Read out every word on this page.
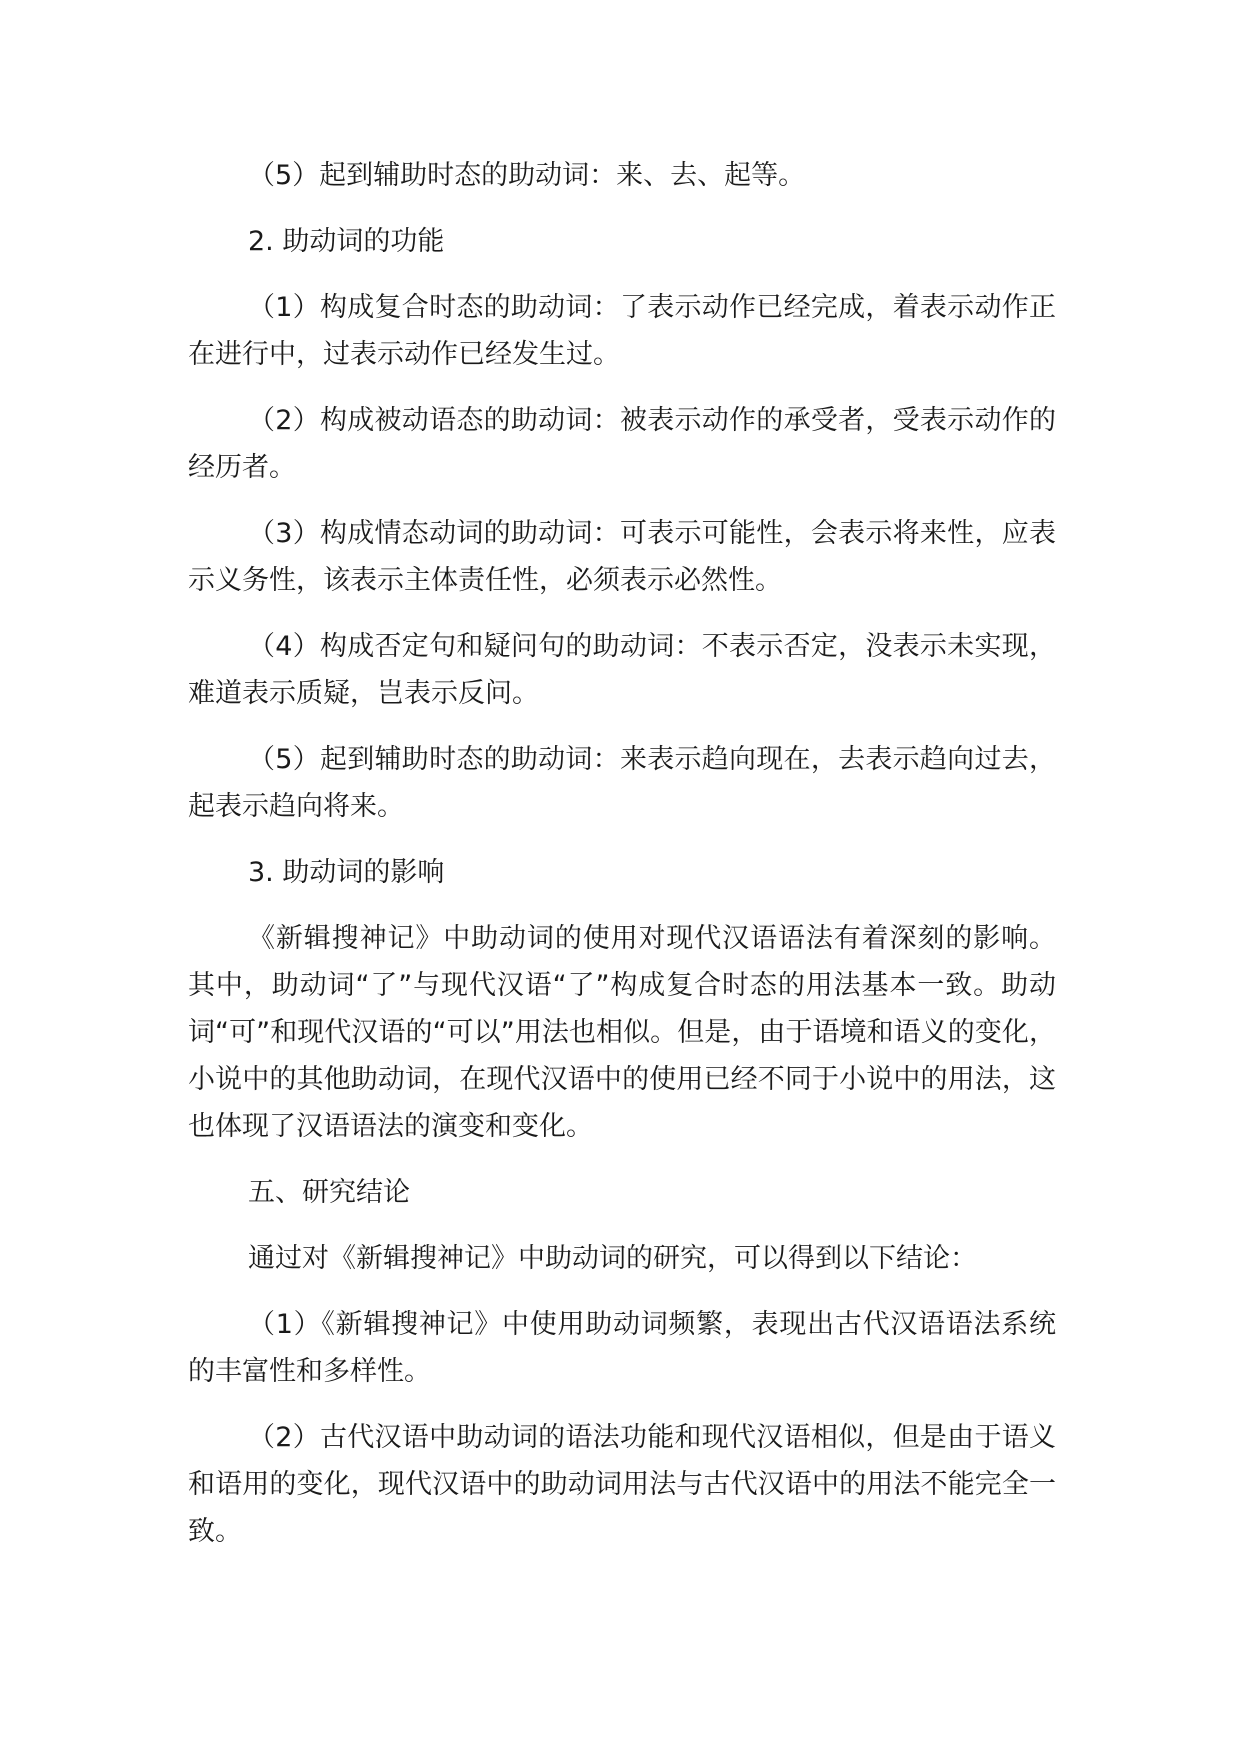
（5）起到辅助时态的助动词：来、去、起等。

2. 助动词的功能

（1）构成复合时态的助动词：了表示动作已经完成，着表示动作正在进行中，过表示动作已经发生过。

（2）构成被动语态的助动词：被表示动作的承受者，受表示动作的经历者。

（3）构成情态动词的助动词：可表示可能性，会表示将来性，应表示义务性，该表示主体责任性，必须表示必然性。

（4）构成否定句和疑问句的助动词：不表示否定，没表示未实现，难道表示质疑，岂表示反问。

（5）起到辅助时态的助动词：来表示趋向现在，去表示趋向过去，起表示趋向将来。

3. 助动词的影响

《新辑搜神记》中助动词的使用对现代汉语语法有着深刻的影响。其中，助动词“了”与现代汉语“了”构成复合时态的用法基本一致。助动词“可”和现代汉语的“可以”用法也相似。但是，由于语境和语义的变化，小说中的其他助动词，在现代汉语中的使用已经不同于小说中的用法，这也体现了汉语语法的演变和变化。

五、研究结论

通过对《新辑搜神记》中助动词的研究，可以得到以下结论：

（1）《新辑搜神记》中使用助动词频繁，表现出古代汉语语法系统的丰富性和多样性。

（2）古代汉语中助动词的语法功能和现代汉语相似，但是由于语义和语用的变化，现代汉语中的助动词用法与古代汉语中的用法不能完全一致。
